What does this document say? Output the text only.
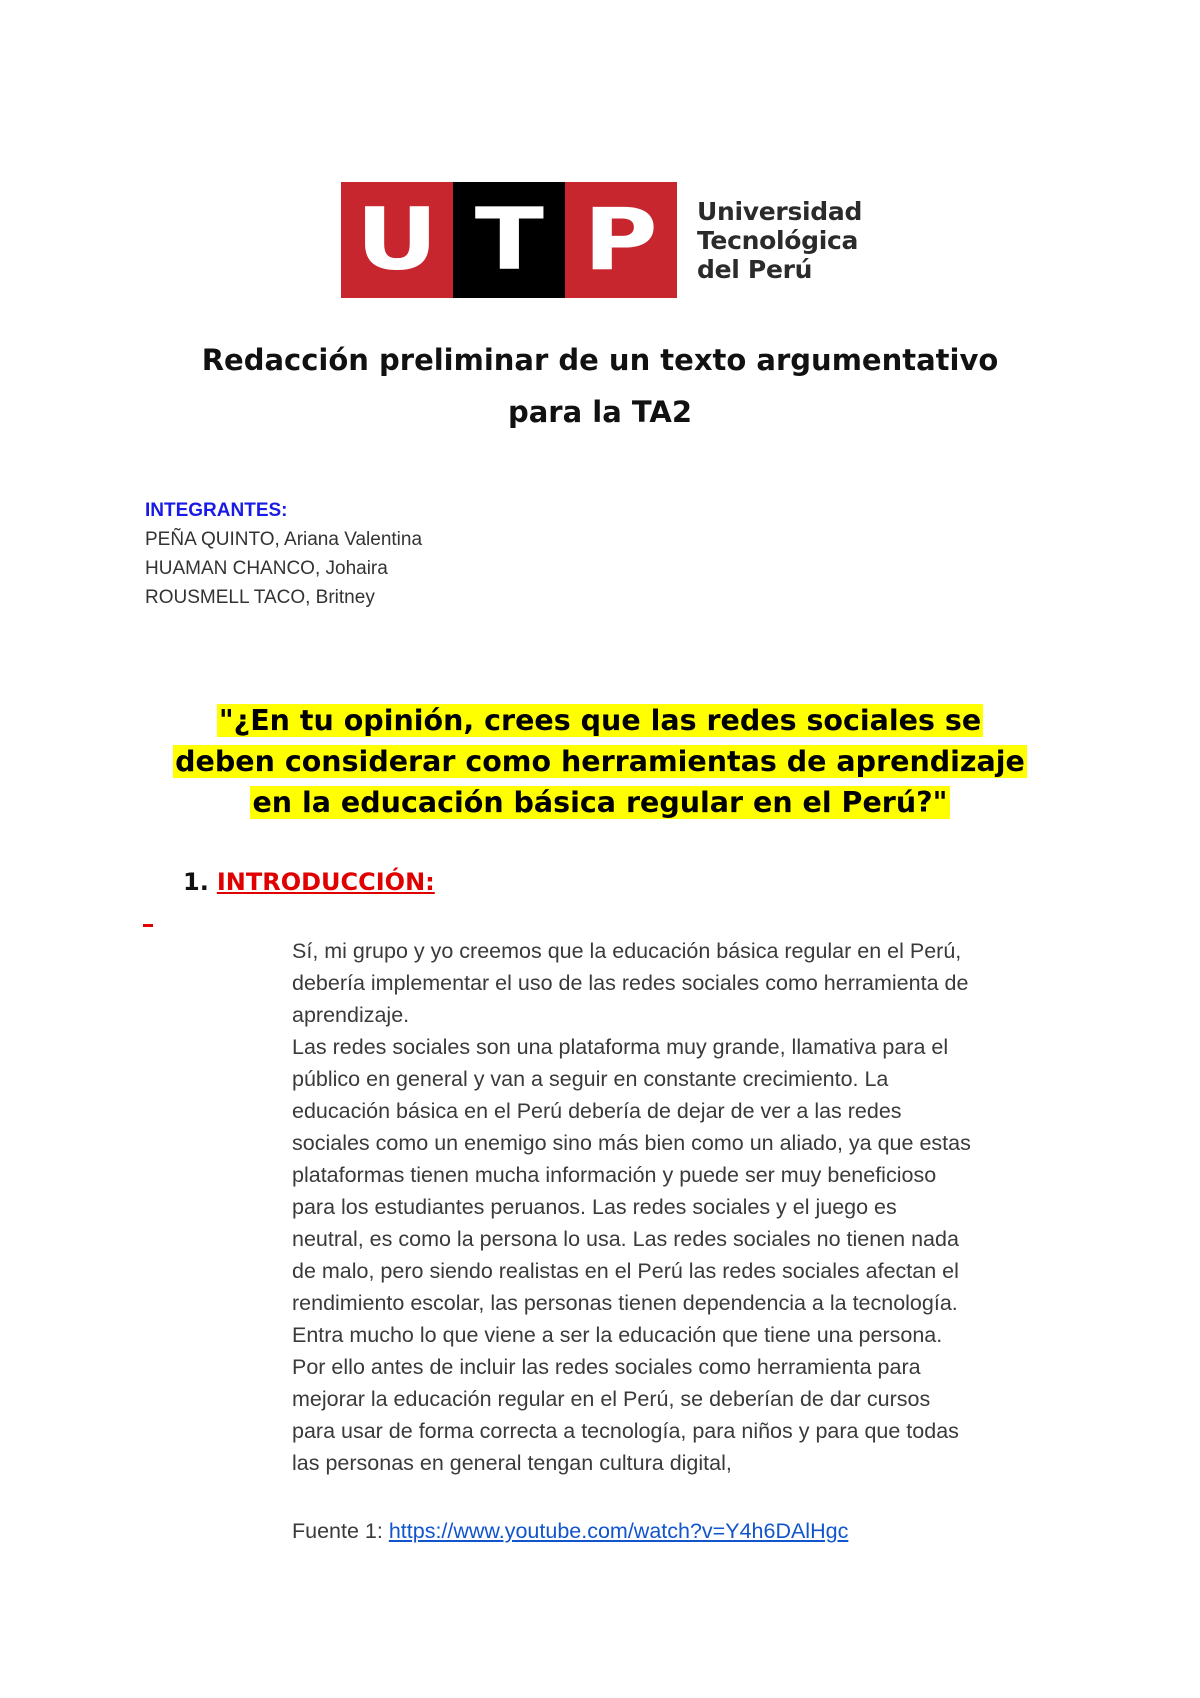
U T P Universidad
Tecnológica
del Perú
Redacción preliminar de un texto argumentativo
para la TA2
INTEGRANTES:
PEÑA QUINTO, Ariana Valentina
HUAMAN CHANCO, Johaira
ROUSMELL TACO, Britney
"¿En tu opinión, crees que las redes sociales se
deben considerar como herramientas de aprendizaje
en la educación básica regular en el Perú?"
1. INTRODUCCIÓN:
Sí, mi grupo y yo creemos que la educación básica regular en el Perú,
debería implementar el uso de las redes sociales como herramienta de
aprendizaje.
Las redes sociales son una plataforma muy grande, llamativa para el
público en general y van a seguir en constante crecimiento. La
educación básica en el Perú debería de dejar de ver a las redes
sociales como un enemigo sino más bien como un aliado, ya que estas
plataformas tienen mucha información y puede ser muy beneficioso
para los estudiantes peruanos. Las redes sociales y el juego es
neutral, es como la persona lo usa. Las redes sociales no tienen nada
de malo, pero siendo realistas en el Perú las redes sociales afectan el
rendimiento escolar, las personas tienen dependencia a la tecnología.
Entra mucho lo que viene a ser la educación que tiene una persona.
Por ello antes de incluir las redes sociales como herramienta para
mejorar la educación regular en el Perú, se deberían de dar cursos
para usar de forma correcta a tecnología, para niños y para que todas
las personas en general tengan cultura digital,
Fuente 1: https://www.youtube.com/watch?v=Y4h6DAlHgc
